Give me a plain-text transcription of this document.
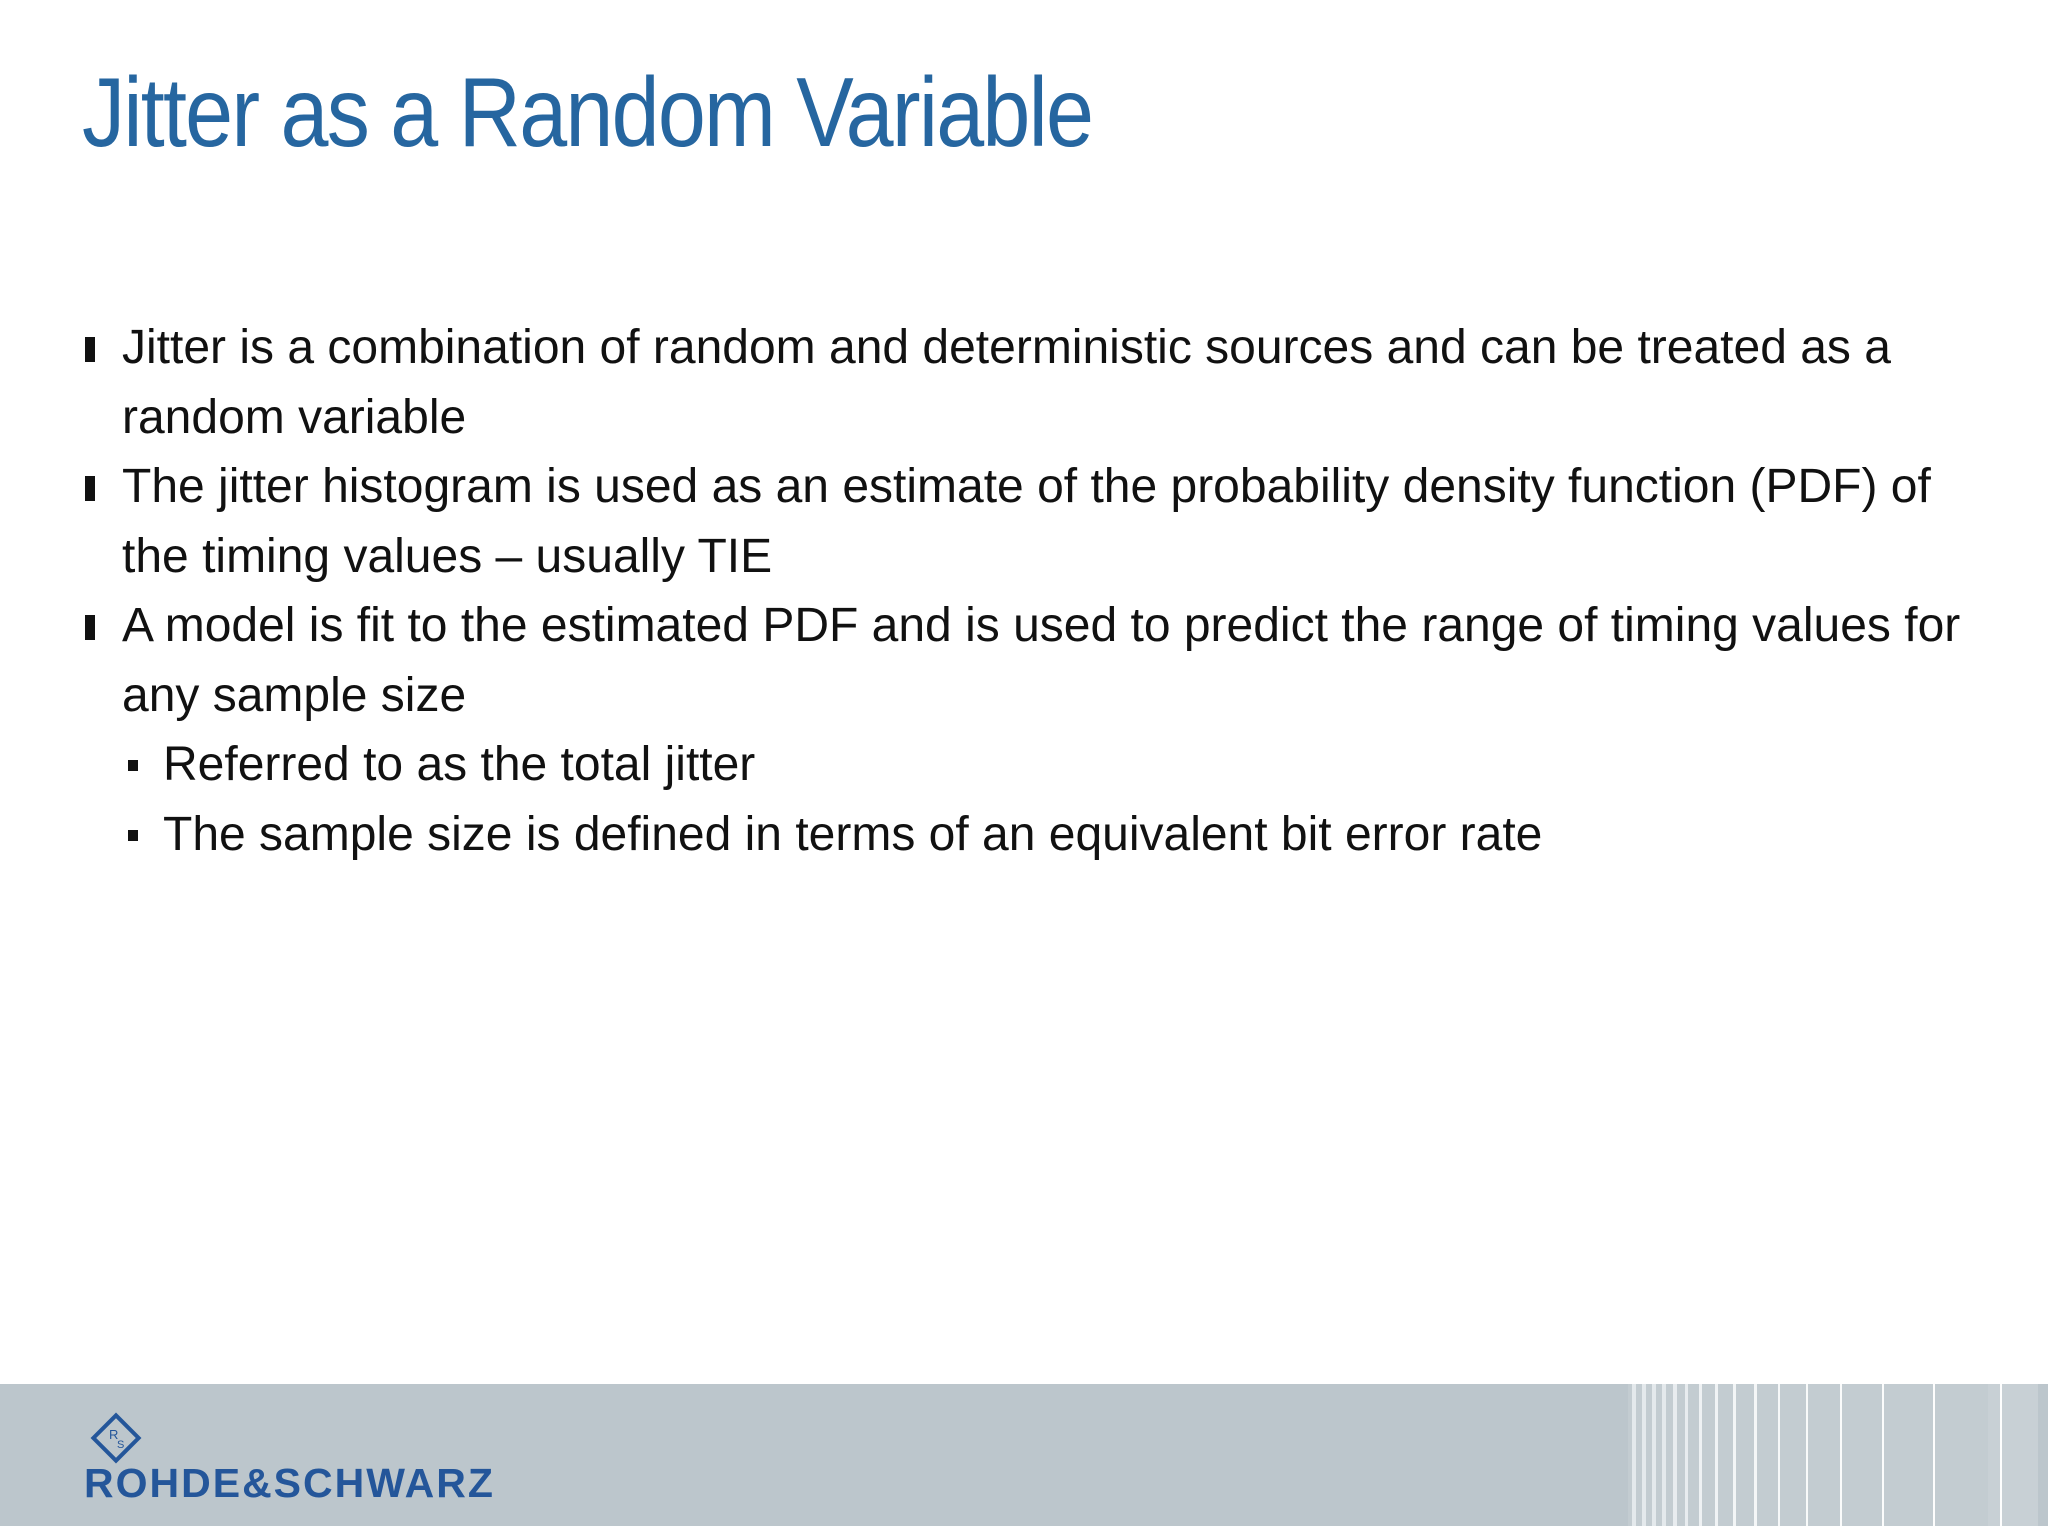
Jitter as a Random Variable

Jitter is a combination of random and deterministic sources and can be treated as a random variable

The jitter histogram is used as an estimate of the probability density function (PDF) of the timing values – usually TIE

A model is fit to the estimated PDF and is used to predict the range of timing values for any sample size

Referred to as the total jitter

The sample size is defined in terms of an equivalent bit error rate

R
S

ROHDE&SCHWARZ
